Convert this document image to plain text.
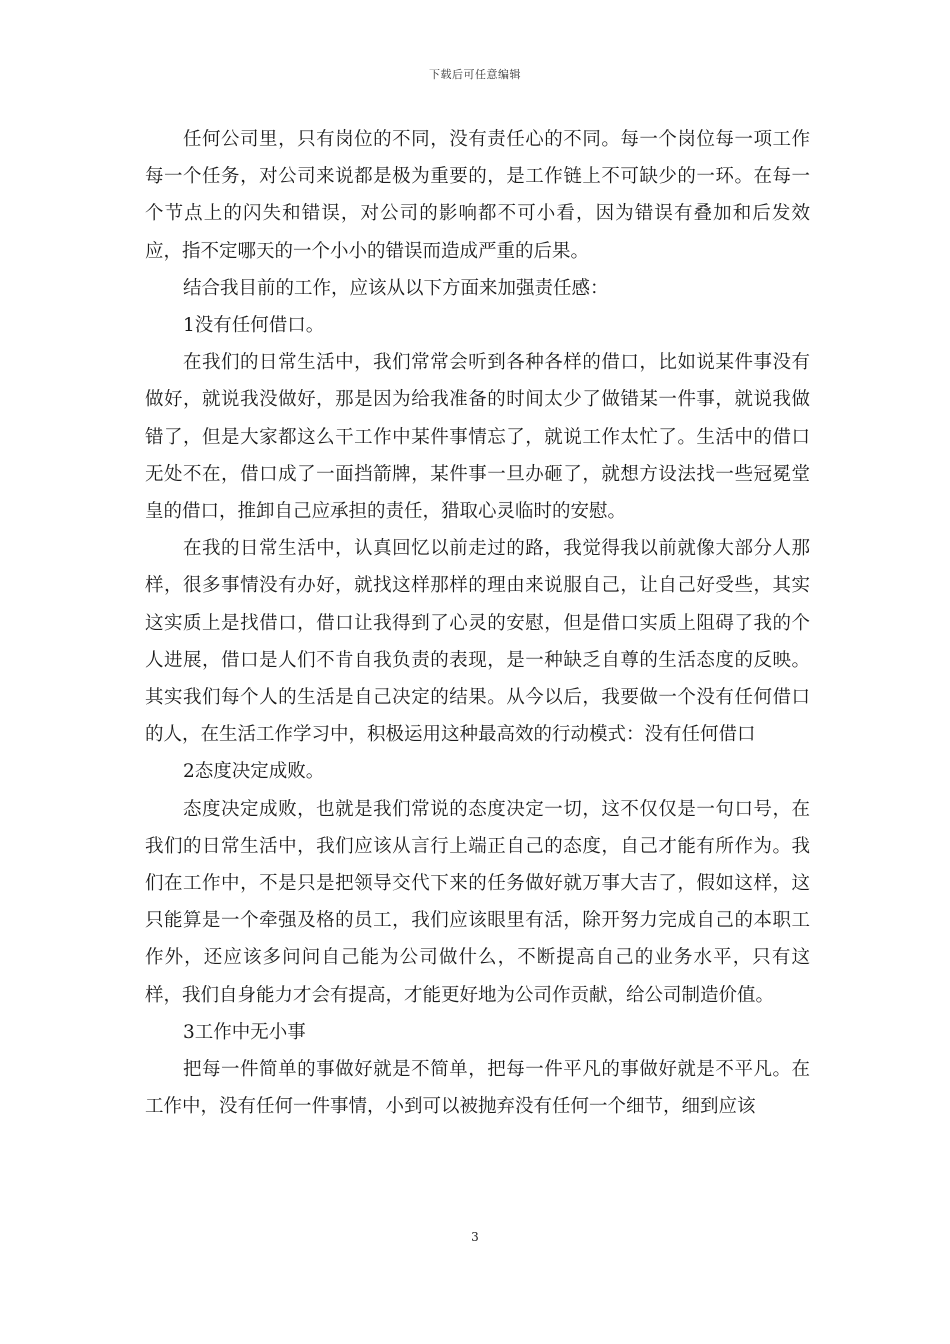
下载后可任意编辑

任何公司里，只有岗位的不同，没有责任心的不同。每一个岗位每一项工作每一个任务，对公司来说都是极为重要的，是工作链上不可缺少的一环。在每一个节点上的闪失和错误，对公司的影响都不可小看，因为错误有叠加和后发效应，指不定哪天的一个小小的错误而造成严重的后果。

结合我目前的工作，应该从以下方面来加强责任感：

1没有任何借口。

在我们的日常生活中，我们常常会听到各种各样的借口，比如说某件事没有做好，就说我没做好，那是因为给我准备的时间太少了做错某一件事，就说我做错了，但是大家都这么干工作中某件事情忘了，就说工作太忙了。生活中的借口无处不在，借口成了一面挡箭牌，某件事一旦办砸了，就想方设法找一些冠冕堂皇的借口，推卸自己应承担的责任，猎取心灵临时的安慰。

在我的日常生活中，认真回忆以前走过的路，我觉得我以前就像大部分人那样，很多事情没有办好，就找这样那样的理由来说服自己，让自己好受些，其实这实质上是找借口，借口让我得到了心灵的安慰，但是借口实质上阻碍了我的个人进展，借口是人们不肯自我负责的表现，是一种缺乏自尊的生活态度的反映。其实我们每个人的生活是自己决定的结果。从今以后，我要做一个没有任何借口的人，在生活工作学习中，积极运用这种最高效的行动模式：没有任何借口

2态度决定成败。

态度决定成败，也就是我们常说的态度决定一切，这不仅仅是一句口号，在我们的日常生活中，我们应该从言行上端正自己的态度，自己才能有所作为。我们在工作中，不是只是把领导交代下来的任务做好就万事大吉了，假如这样，这只能算是一个牵强及格的员工，我们应该眼里有活，除开努力完成自己的本职工作外，还应该多问问自己能为公司做什么，不断提高自己的业务水平，只有这样，我们自身能力才会有提高，才能更好地为公司作贡献，给公司制造价值。

3工作中无小事

把每一件简单的事做好就是不简单，把每一件平凡的事做好就是不平凡。在工作中，没有任何一件事情，小到可以被抛弃没有任何一个细节，细到应该

3
